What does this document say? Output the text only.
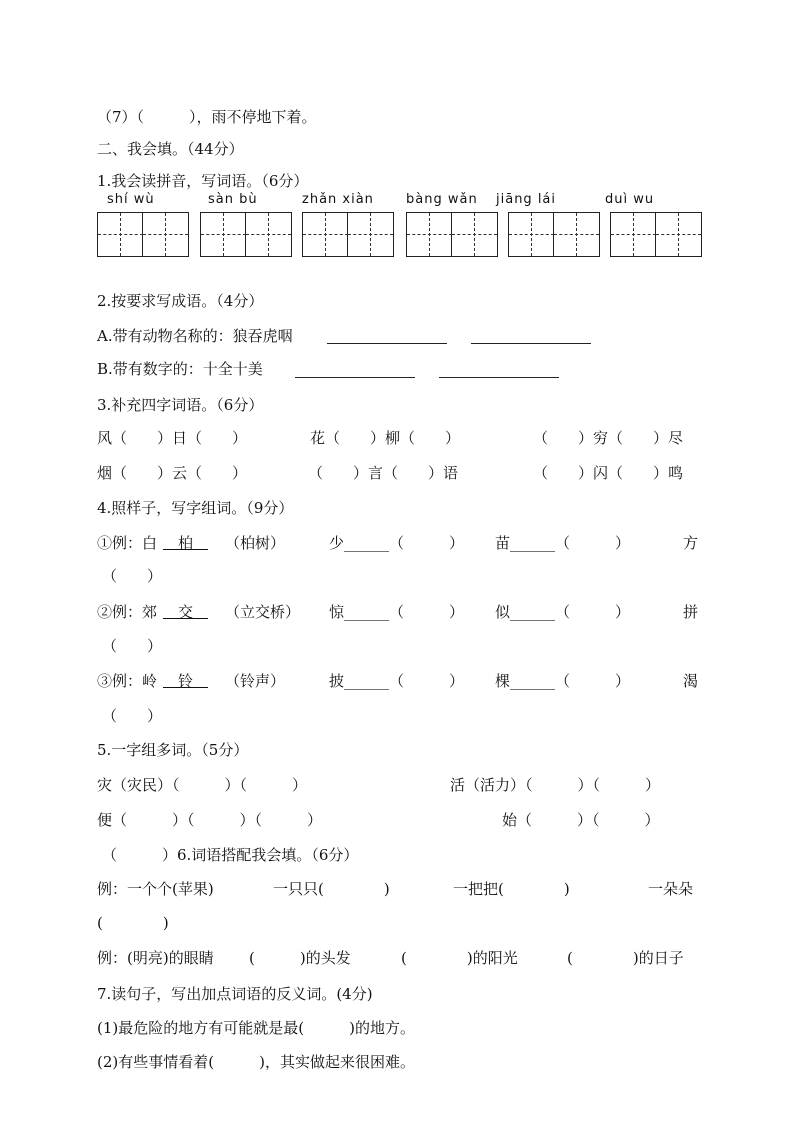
（7）（　　　），雨不停地下着。
二、我会填。（44分）
1.我会读拼音，写词语。（6分）
shí wù	sàn bù	zhǎn xiàn bàng wǎn jiāng lái	duì wu
2.按要求写成语。（4分）
A.带有动物名称的：狼吞虎咽
B.带有数字的：十全十美
3.补充四字词语。（6分）
风（　　）日（　　）	花（　　）柳（　　）	（　　）穷（　　）尽
烟（　　）云（　　）	（　　）言（　　）语	（　　）闪（　　）鸣
4.照样子，写字组词。（9分）
①例：白 　柏　 （柏树）	少______（　　　） 苗______（　　　）	方
（　　）
②例：郊 　交　 （立交桥） 惊______（　　　） 似______（　　　）	拼
（　　）
③例：岭 　铃　 （铃声）	披______（　　　） 棵______（　　　）	渴
（　　）
5.一字组多词。（5分）
灾（灾民）（　　　）（　　　）	活（活力）（　　　）（　　　）
便（　　　）（　　　）（　　　）	始（　　　）（　　　）
（　　　）6.词语搭配我会填。（6分）
例：一个个(苹果)	一只只(　　　　)	一把把(　　　　)	一朵朵
(　　　　)
例：(明亮)的眼睛 (　　　)的头发	(　　　　)的阳光	(　　　　)的日子
7.读句子，写出加点词语的反义词。(4分)
(1)最危险的地方有可能就是最(　　　)的地方。
(2)有些事情看着(　　　)，其实做起来很困难。
